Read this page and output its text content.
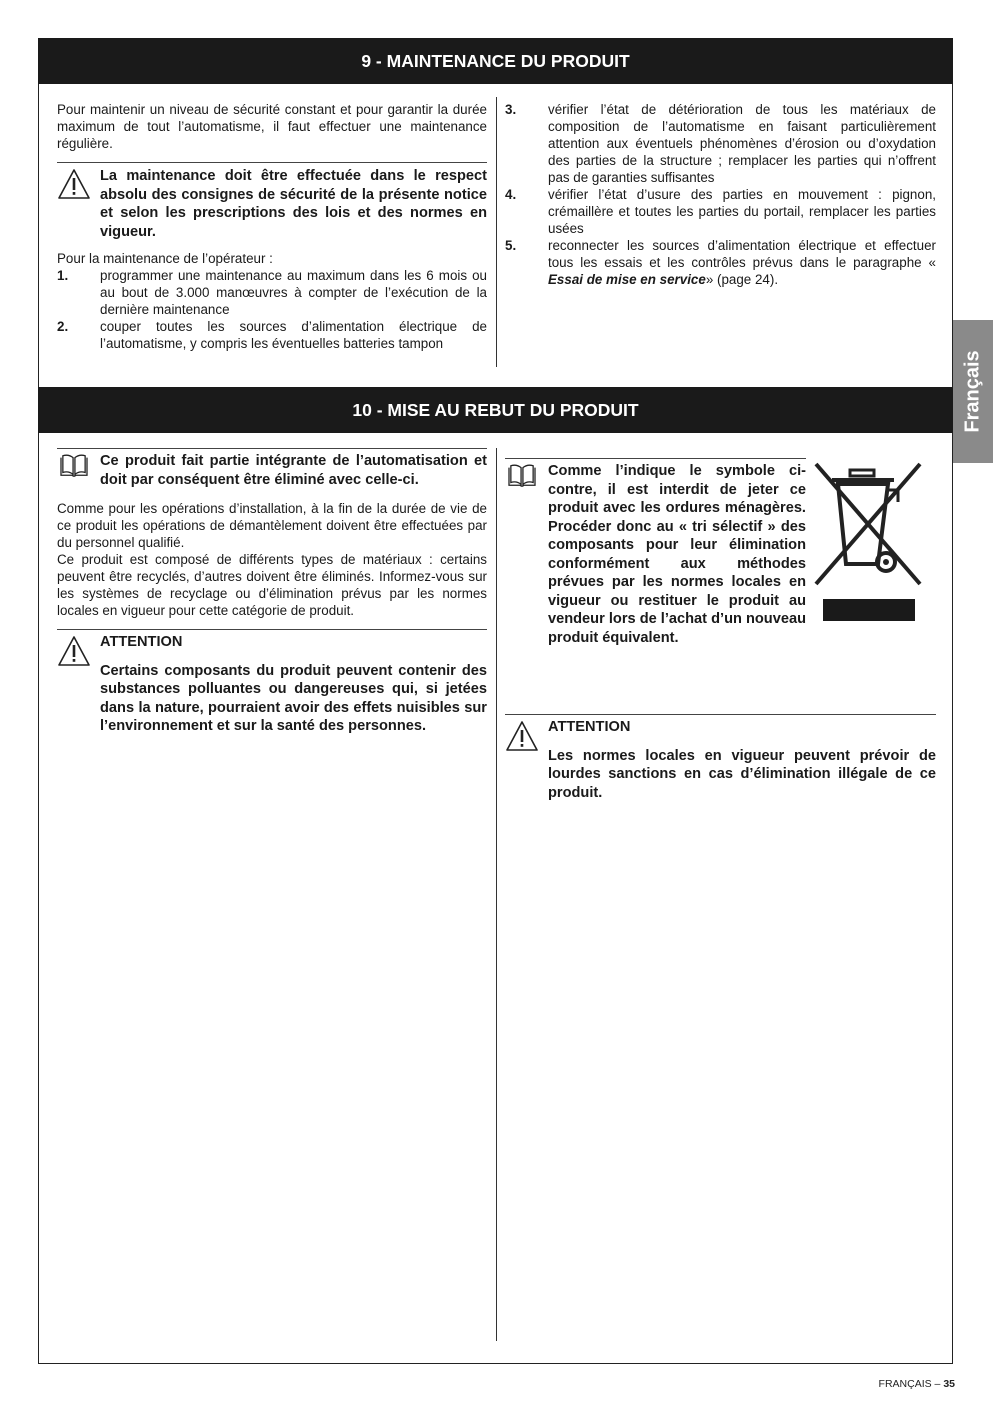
9 - MAINTENANCE DU PRODUIT

Pour maintenir un niveau de sécurité constant et pour garantir la durée maximum de tout l’automatisme, il faut effectuer une maintenance régulière.

La maintenance doit être effectuée dans le respect absolu des consignes de sécurité de la présente notice et selon les prescriptions des lois et des normes en vigueur.

Pour la maintenance de l’opérateur :

1. programmer une maintenance au maximum dans les 6 mois ou au bout de 3.000 manœuvres à compter de l’exécution de la dernière maintenance

2. couper toutes les sources d’alimentation électrique de l’automatisme, y compris les éventuelles batteries tampon

3. vérifier l’état de détérioration de tous les matériaux de composition de l’automatisme en faisant particulièrement attention aux éventuels phénomènes d’érosion ou d’oxydation des parties de la structure ; remplacer les parties qui n’offrent pas de garanties suffisantes

4. vérifier l’état d’usure des parties en mouvement : pignon, crémaillère et toutes les parties du portail, remplacer les parties usées

5. reconnecter les sources d’alimentation électrique et effectuer tous les essais et les contrôles prévus dans le paragraphe « Essai de mise en service» (page 24).

10 - MISE AU REBUT DU PRODUIT

Ce produit fait partie intégrante de l’automatisation et doit par conséquent être éliminé avec celle-ci.

Comme pour les opérations d’installation, à la fin de la durée de vie de ce produit les opérations de démantèlement doivent être effectuées par du personnel qualifié.

Ce produit est composé de différents types de matériaux : certains peuvent être recyclés, d’autres doivent être éliminés. Informez-vous sur les systèmes de recyclage ou d’élimination prévus par les normes locales en vigueur pour cette catégorie de produit.

ATTENTION

Certains composants du produit peuvent contenir des substances polluantes ou dangereuses qui, si jetées dans la nature, pourraient avoir des effets nuisibles sur l’environnement et sur la santé des personnes.

Comme l’indique le symbole ci-contre, il est interdit de jeter ce produit avec les ordures ménagères. Procéder donc au « tri sélectif » des composants pour leur élimination conformément aux méthodes prévues par les normes locales en vigueur ou restituer le produit au vendeur lors de l’achat d’un nouveau produit équivalent.

ATTENTION

Les normes locales en vigueur peuvent prévoir de lourdes sanctions en cas d’élimination illégale de ce produit.

Français
FRANÇAIS – 35
